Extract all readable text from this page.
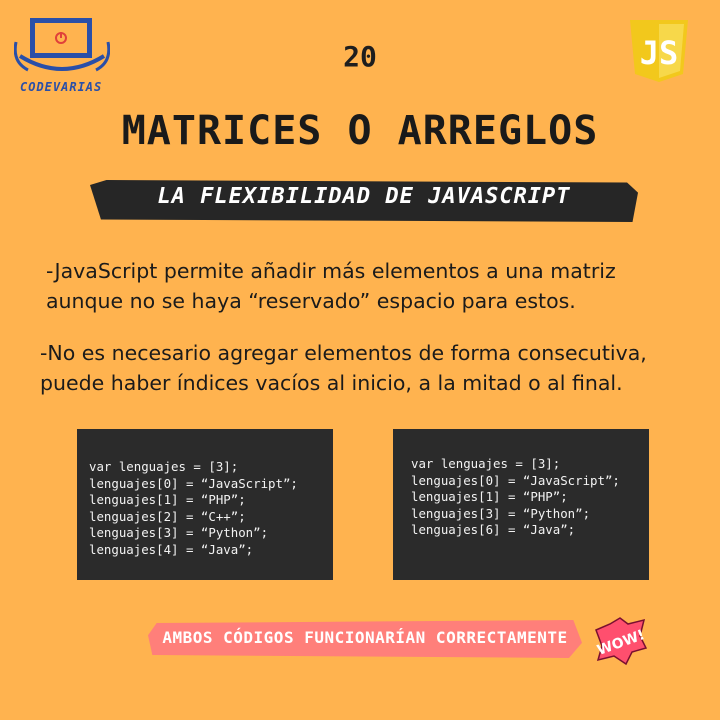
CODEVARIAS
20	JS
MATRICES O ARREGLOS
LA FLEXIBILIDAD DE JAVASCRIPT

-JavaScript permite añadir más elementos a una matriz aunque no se haya “reservado” espacio para estos.

-No es necesario agregar elementos de forma consecutiva, puede haber índices vacíos al inicio, a la mitad o al final.

var lenguajes = [3];
lenguajes[0] = “JavaScript”;
lenguajes[1] = “PHP”;
lenguajes[2] = “C++”;
lenguajes[3] = “Python”;
lenguajes[4] = “Java”;
var lenguajes = [3];
lenguajes[0] = “JavaScript”;
lenguajes[1] = “PHP”;
lenguajes[3] = “Python”;
lenguajes[6] = “Java”;
AMBOS CÓDIGOS FUNCIONARÍAN CORRECTAMENTE	WOW!
